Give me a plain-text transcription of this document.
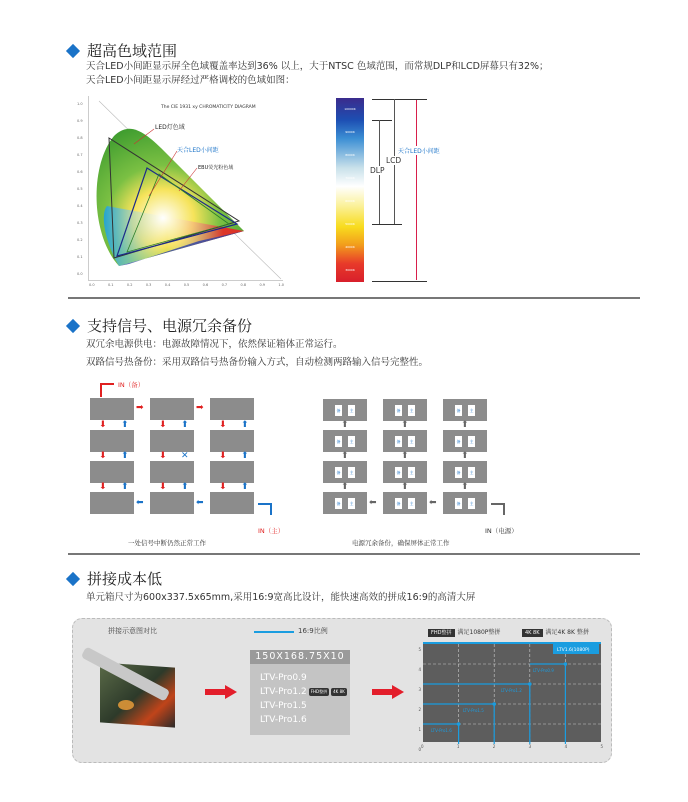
超高色域范围
天合LED小间距显示屏全色域覆盖率达到36% 以上，大于NTSC 色域范围，而常规DLP和LCD屏幕只有32%；
天合LED小间距显示屏经过严格调校的色域如图：
The CIE 1931 xy CHROMATICITY DIAGRAM
LED灯色域
天合LED小间距
EBU荧光粉色域
1.0
0.9
0.8
0.7
0.6
0.5
0.4
0.3
0.2
0.1
0.0
0.0	0.1	0.2	0.3	0.4	0.5	0.6	0.7	0.8	0.9	1.0
10000K
9000K
8000K
7000K
6000K
5000K
4000K
3000K
DLP
LCD
天合LED小间距
支持信号、电源冗余备份
双冗余电源供电：电源故障情况下，依然保证箱体正常运行。
双路信号热备份：采用双路信号热备份输入方式，自动检测两路输入信号完整性。
⬇ ⬆	⬇ ⬆	⬇ ⬆
⬇ ⬆	⬇ ✕	⬇ ⬆
⬇ ⬆	⬇ ⬆	⬇ ⬆
➡	➡
⬅	⬅
IN（备）
IN（主）
一处信号中断仍然正常工作
备	主	备	主	备	主
备	主	备	主	备	主
备	主	备	主	备	主
备	主	备	主	备	主
⬆	⬆	⬆
⬆	⬆	⬆
⬆	⬆	⬆
⬅	⬅
IN（电源）
电源冗余备份，确保屏体正常工作
拼接成本低
单元箱尺寸为600x337.5x65mm,采用16:9宽高比设计，能快速高效的拼成16:9的高清大屏
拼接示意图对比	16:9比例
150X168.75X10
LTV-Pro0.9
LTV-Pro1.2 FHD整拼 4K 8K
LTV-Pro1.5
LTV-Pro1.6
FHD整拼 满足1080P整拼	4K 8K 满足4K 8K 整拼
LTV-Pro1.6
LTV-Pro1.5
LTV-Pro1.2
LTV-Pro0.9
LTV1.6(1080P)
5
4
3
2
1
0
0	1	2	3	4	5
